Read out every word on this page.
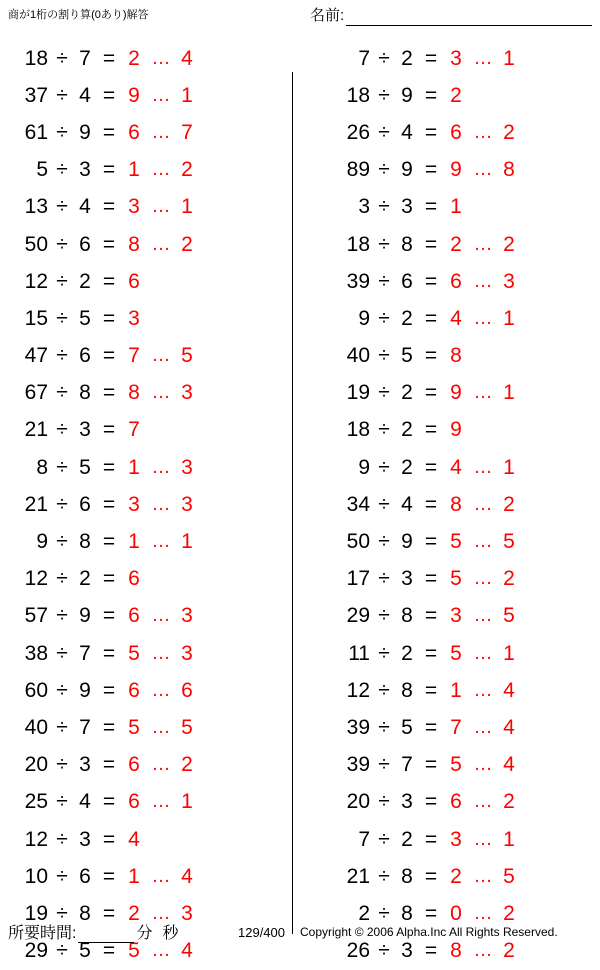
商が1桁の割り算(0あり)解答	名前:
18 ÷ 7 = 2 … 4
37 ÷ 4 = 9 … 1
61 ÷ 9 = 6 … 7
5 ÷ 3 = 1 … 2
13 ÷ 4 = 3 … 1
50 ÷ 6 = 8 … 2
12 ÷ 2 = 6
15 ÷ 5 = 3
47 ÷ 6 = 7 … 5
67 ÷ 8 = 8 … 3
21 ÷ 3 = 7
8 ÷ 5 = 1 … 3
21 ÷ 6 = 3 … 3
9 ÷ 8 = 1 … 1
12 ÷ 2 = 6
57 ÷ 9 = 6 … 3
38 ÷ 7 = 5 … 3
60 ÷ 9 = 6 … 6
40 ÷ 7 = 5 … 5
20 ÷ 3 = 6 … 2
25 ÷ 4 = 6 … 1
12 ÷ 3 = 4
10 ÷ 6 = 1 … 4
19 ÷ 8 = 2 … 3
29 ÷ 5 = 5 … 4
7 ÷ 2 = 3 … 1
18 ÷ 9 = 2
26 ÷ 4 = 6 … 2
89 ÷ 9 = 9 … 8
3 ÷ 3 = 1
18 ÷ 8 = 2 … 2
39 ÷ 6 = 6 … 3
9 ÷ 2 = 4 … 1
40 ÷ 5 = 8
19 ÷ 2 = 9 … 1
18 ÷ 2 = 9
9 ÷ 2 = 4 … 1
34 ÷ 4 = 8 … 2
50 ÷ 9 = 5 … 5
17 ÷ 3 = 5 … 2
29 ÷ 8 = 3 … 5
11 ÷ 2 = 5 … 1
12 ÷ 8 = 1 … 4
39 ÷ 5 = 7 … 4
39 ÷ 7 = 5 … 4
20 ÷ 3 = 6 … 2
7 ÷ 2 = 3 … 1
21 ÷ 8 = 2 … 5
2 ÷ 8 = 0 … 2
26 ÷ 3 = 8 … 2
所要時間:	分 秒	129/400 Copyright © 2006 Alpha.Inc All Rights Reserved.
